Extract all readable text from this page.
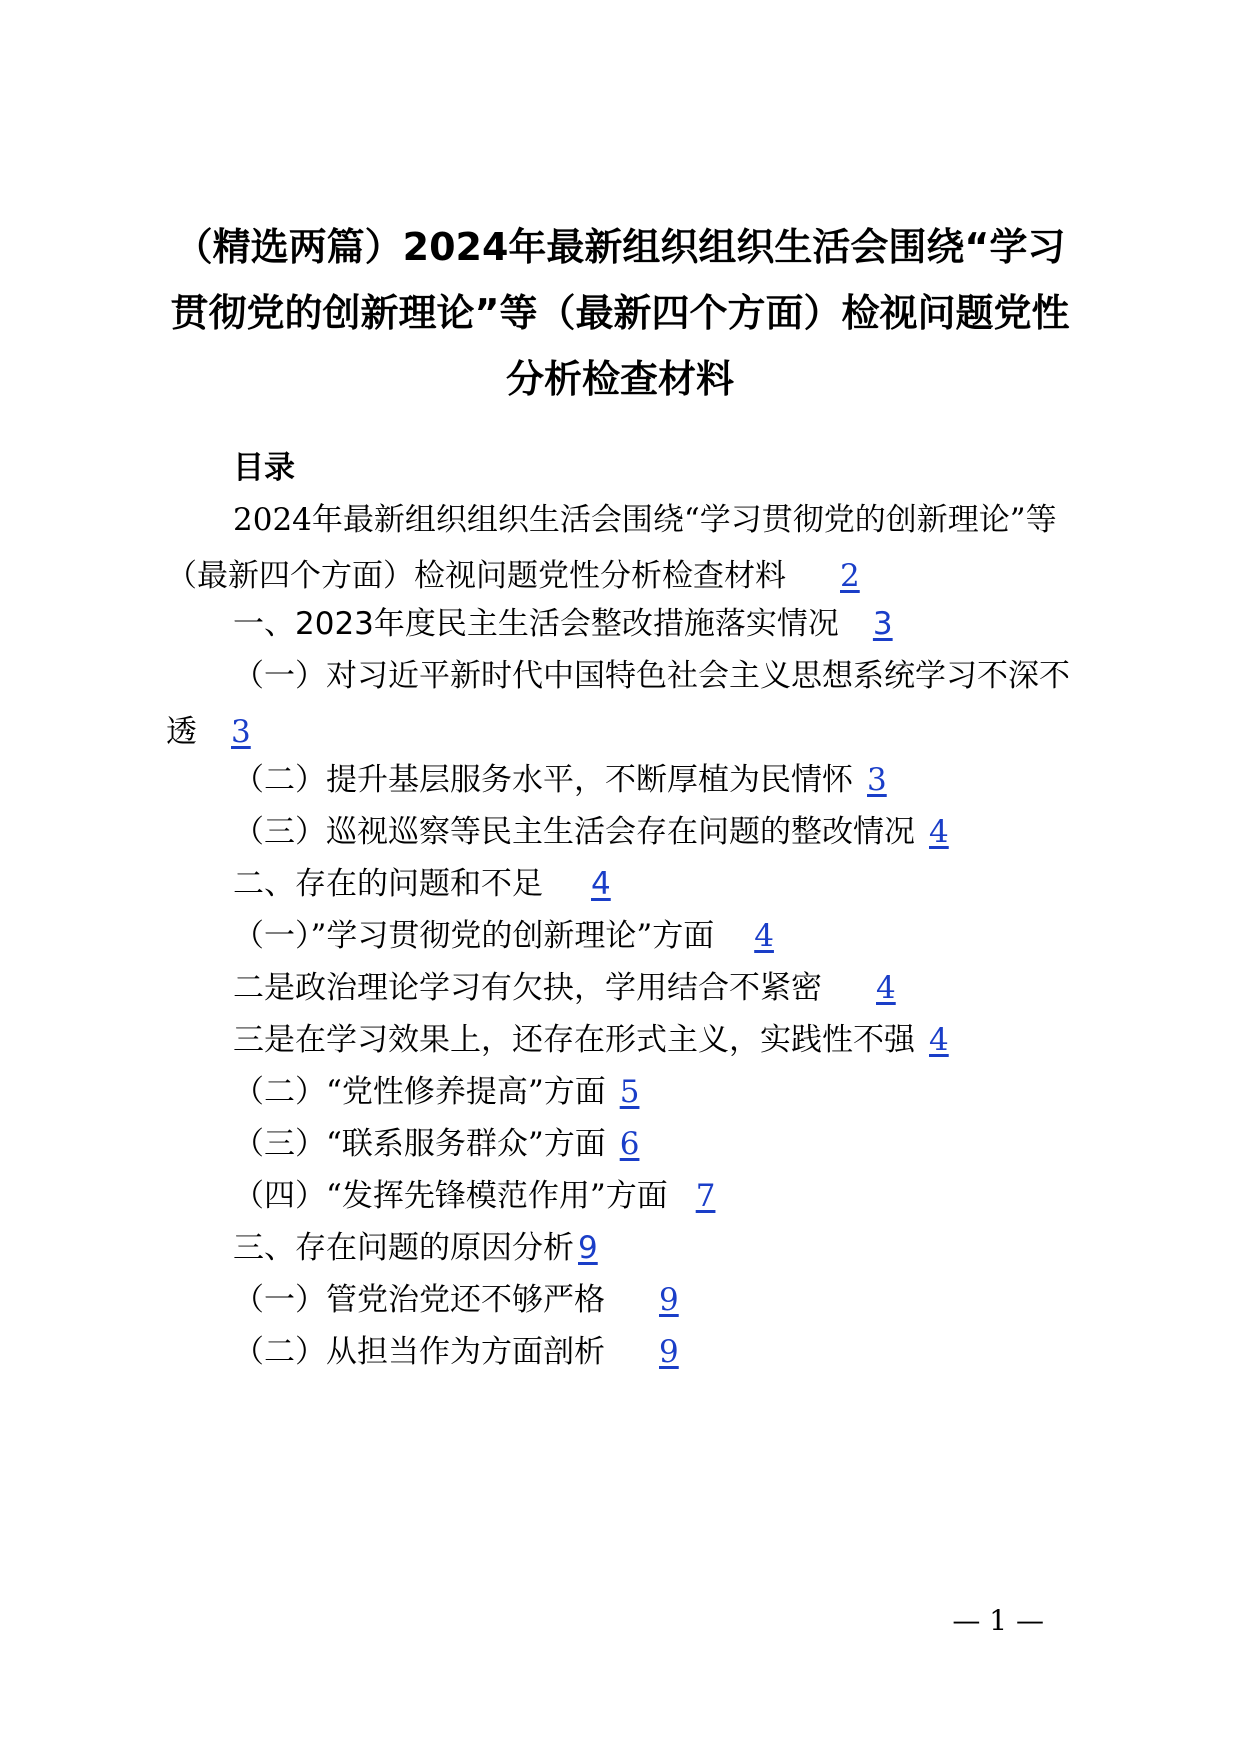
（精选两篇）2024年最新组织组织生活会围绕“学习贯彻党的创新理论”等（最新四个方面）检视问题党性分析检查材料
目录
2024年最新组织组织生活会围绕“学习贯彻党的创新理论”等（最新四个方面）检视问题党性分析检查材料 2
一、2023年度民主生活会整改措施落实情况 3
（一）对习近平新时代中国特色社会主义思想系统学习不深不透 3
（二）提升基层服务水平，不断厚植为民情怀 3
（三）巡视巡察等民主生活会存在问题的整改情况 4
二、存在的问题和不足 4
（一）”学习贯彻党的创新理论”方面 4
二是政治理论学习有欠抉，学用结合不紧密 4
三是在学习效果上，还存在形式主义，实践性不强 4
（二）“党性修养提高”方面 5
（三）“联系服务群众”方面 6
（四）“发挥先锋模范作用”方面 7
三、存在问题的原因分析 9
（一）管党治党还不够严格 9
（二）从担当作为方面剖析 9
— 1 —
